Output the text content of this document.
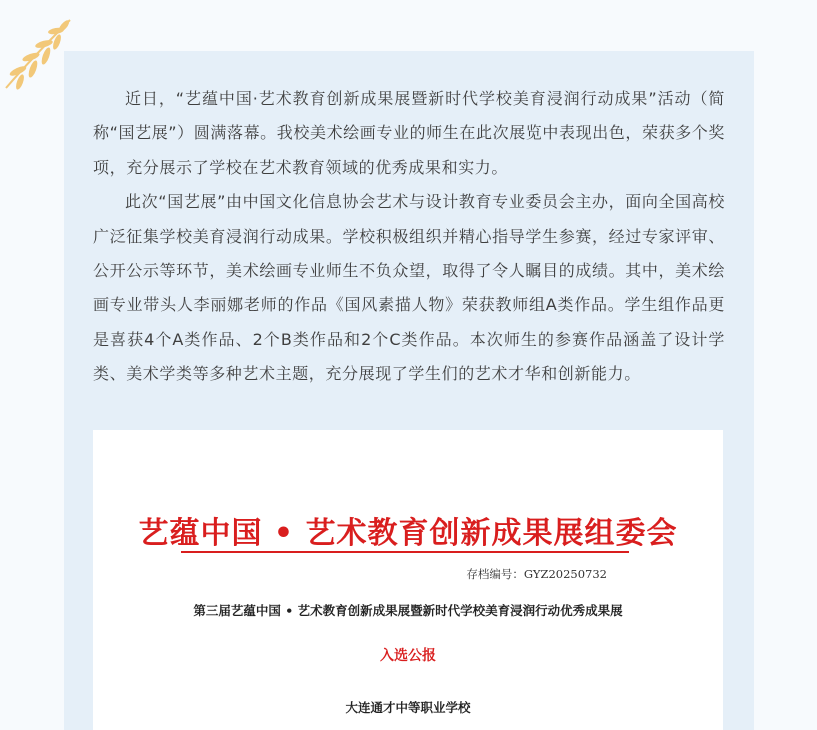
近日，“艺蕴中国·艺术教育创新成果展暨新时代学校美育浸润行动成果”活动（简称“国艺展”）圆满落幕。我校美术绘画专业的师生在此次展览中表现出色，荣获多个奖项，充分展示了学校在艺术教育领域的优秀成果和实力。

此次“国艺展”由中国文化信息协会艺术与设计教育专业委员会主办，面向全国高校广泛征集学校美育浸润行动成果。学校积极组织并精心指导学生参赛，经过专家评审、公开公示等环节，美术绘画专业师生不负众望，取得了令人瞩目的成绩。其中，美术绘画专业带头人李丽娜老师的作品《国风素描人物》荣获教师组A类作品。学生组作品更是喜获4个A类作品、2个B类作品和2个C类作品。本次师生的参赛作品涵盖了设计学类、美术学类等多种艺术主题，充分展现了学生们的艺术才华和创新能力。

艺蕴中国 • 艺术教育创新成果展组委会
存档编号：GYZ20250732
第三届艺蕴中国 • 艺术教育创新成果展暨新时代学校美育浸润行动优秀成果展
入选公报
大连通才中等职业学校
